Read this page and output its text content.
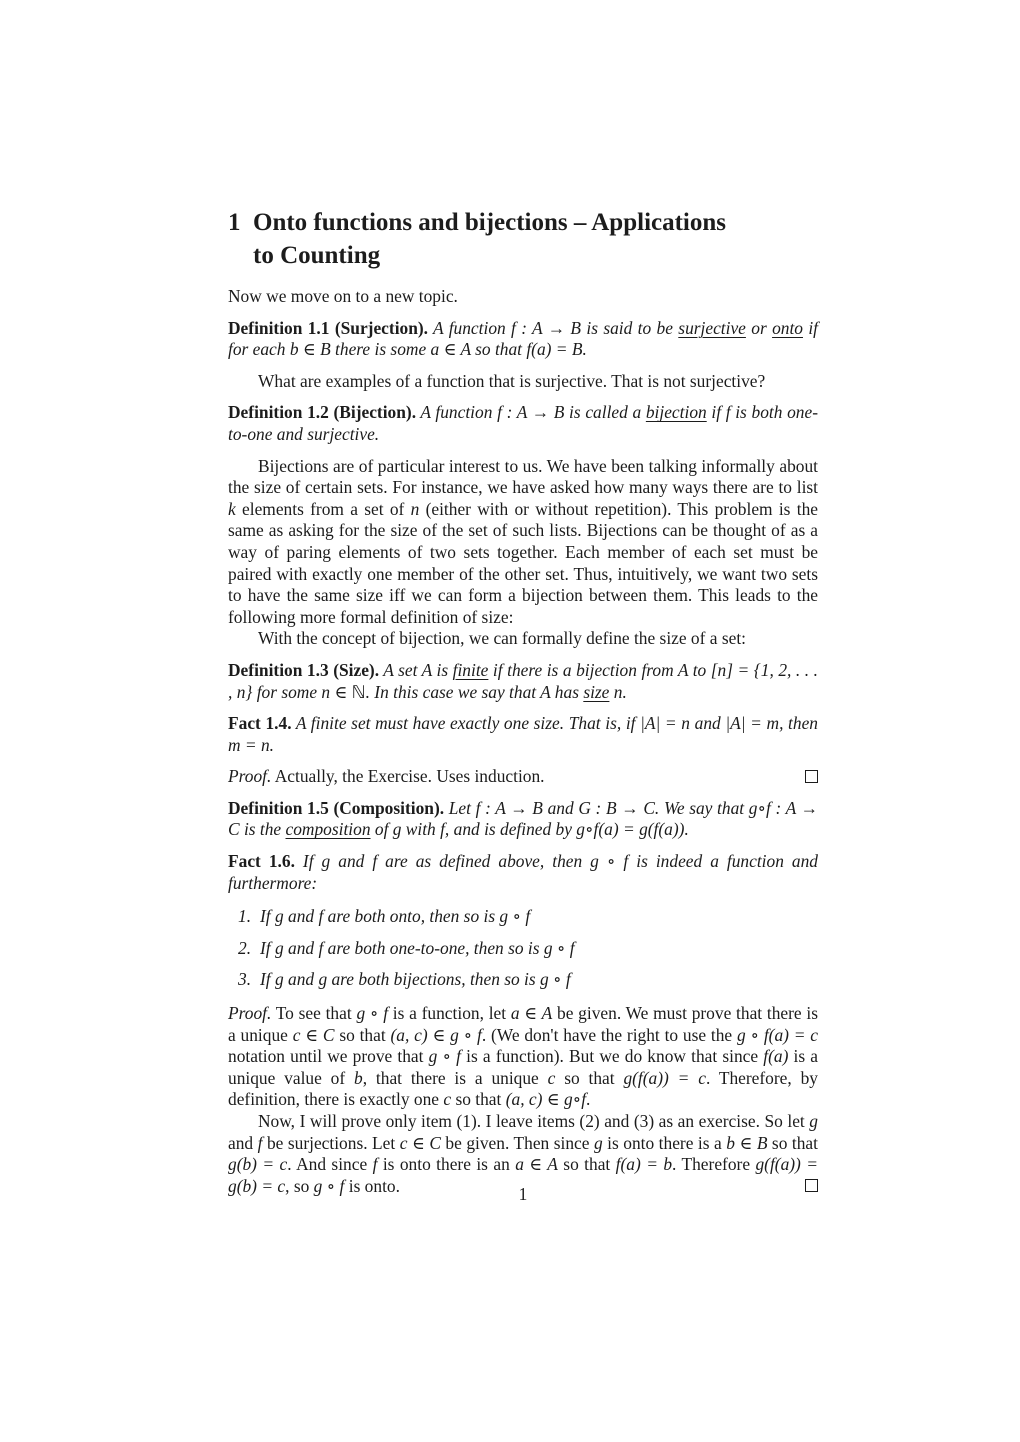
1 Onto functions and bijections – Applications
to Counting

Now we move on to a new topic.

Definition 1.1 (Surjection). A function f : A → B is said to be surjective or onto if for each b ∈ B there is some a ∈ A so that f(a) = B.

What are examples of a function that is surjective. That is not surjective?

Definition 1.2 (Bijection). A function f : A → B is called a bijection if f is both one-to-one and surjective.

Bijections are of particular interest to us. We have been talking informally about the size of certain sets. For instance, we have asked how many ways there are to list k elements from a set of n (either with or without repetition). This problem is the same as asking for the size of the set of such lists. Bijections can be thought of as a way of paring elements of two sets together. Each member of each set must be paired with exactly one member of the other set. Thus, intuitively, we want two sets to have the same size iff we can form a bijection between them. This leads to the following more formal definition of size:

With the concept of bijection, we can formally define the size of a set:

Definition 1.3 (Size). A set A is finite if there is a bijection from A to [n] = {1, 2, . . . , n} for some n ∈ ℕ. In this case we say that A has size n.

Fact 1.4. A finite set must have exactly one size. That is, if |A| = n and |A| = m, then m = n.

Proof. Actually, the Exercise. Uses induction.

Definition 1.5 (Composition). Let f : A → B and G : B → C. We say that g∘f : A → C is the composition of g with f, and is defined by g∘f(a) = g(f(a)).

Fact 1.6. If g and f are as defined above, then g ∘ f is indeed a function and furthermore:

1. If g and f are both onto, then so is g ∘ f
2. If g and f are both one-to-one, then so is g ∘ f
3. If g and g are both bijections, then so is g ∘ f

Proof. To see that g ∘ f is a function, let a ∈ A be given. We must prove that there is a unique c ∈ C so that (a, c) ∈ g ∘ f. (We don't have the right to use the g ∘ f(a) = c notation until we prove that g ∘ f is a function). But we do know that since f(a) is a unique value of b, that there is a unique c so that g(f(a)) = c. Therefore, by definition, there is exactly one c so that (a, c) ∈ g∘f.

Now, I will prove only item (1). I leave items (2) and (3) as an exercise. So let g and f be surjections. Let c ∈ C be given. Then since g is onto there is a b ∈ B so that g(b) = c. And since f is onto there is an a ∈ A so that f(a) = b. Therefore g(f(a)) = g(b) = c, so g ∘ f is onto.	1
